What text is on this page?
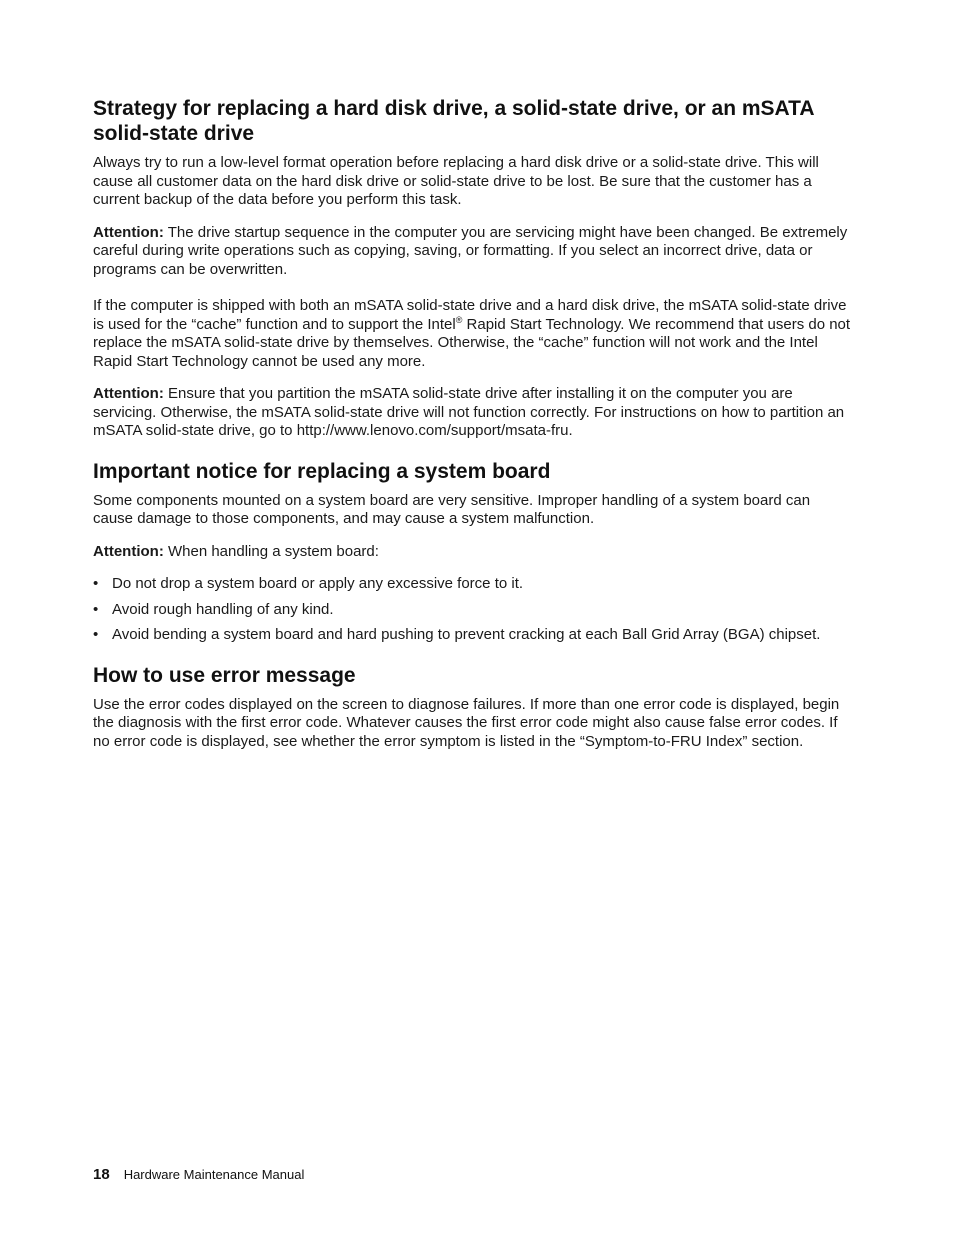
Strategy for replacing a hard disk drive, a solid-state drive, or an mSATA solid-state drive

Always try to run a low-level format operation before replacing a hard disk drive or a solid-state drive. This will cause all customer data on the hard disk drive or solid-state drive to be lost. Be sure that the customer has a current backup of the data before you perform this task.

Attention: The drive startup sequence in the computer you are servicing might have been changed. Be extremely careful during write operations such as copying, saving, or formatting. If you select an incorrect drive, data or programs can be overwritten.

If the computer is shipped with both an mSATA solid-state drive and a hard disk drive, the mSATA solid-state drive is used for the “cache” function and to support the Intel® Rapid Start Technology. We recommend that users do not replace the mSATA solid-state drive by themselves. Otherwise, the “cache” function will not work and the Intel Rapid Start Technology cannot be used any more.

Attention: Ensure that you partition the mSATA solid-state drive after installing it on the computer you are servicing. Otherwise, the mSATA solid-state drive will not function correctly. For instructions on how to partition an mSATA solid-state drive, go to http://www.lenovo.com/support/msata-fru.

Important notice for replacing a system board

Some components mounted on a system board are very sensitive. Improper handling of a system board can cause damage to those components, and may cause a system malfunction.

Attention: When handling a system board:

• Do not drop a system board or apply any excessive force to it.
• Avoid rough handling of any kind.
• Avoid bending a system board and hard pushing to prevent cracking at each Ball Grid Array (BGA) chipset.
How to use error message

Use the error codes displayed on the screen to diagnose failures. If more than one error code is displayed, begin the diagnosis with the first error code. Whatever causes the first error code might also cause false error codes. If no error code is displayed, see whether the error symptom is listed in the “Symptom-to-FRU Index” section.

18 Hardware Maintenance Manual
